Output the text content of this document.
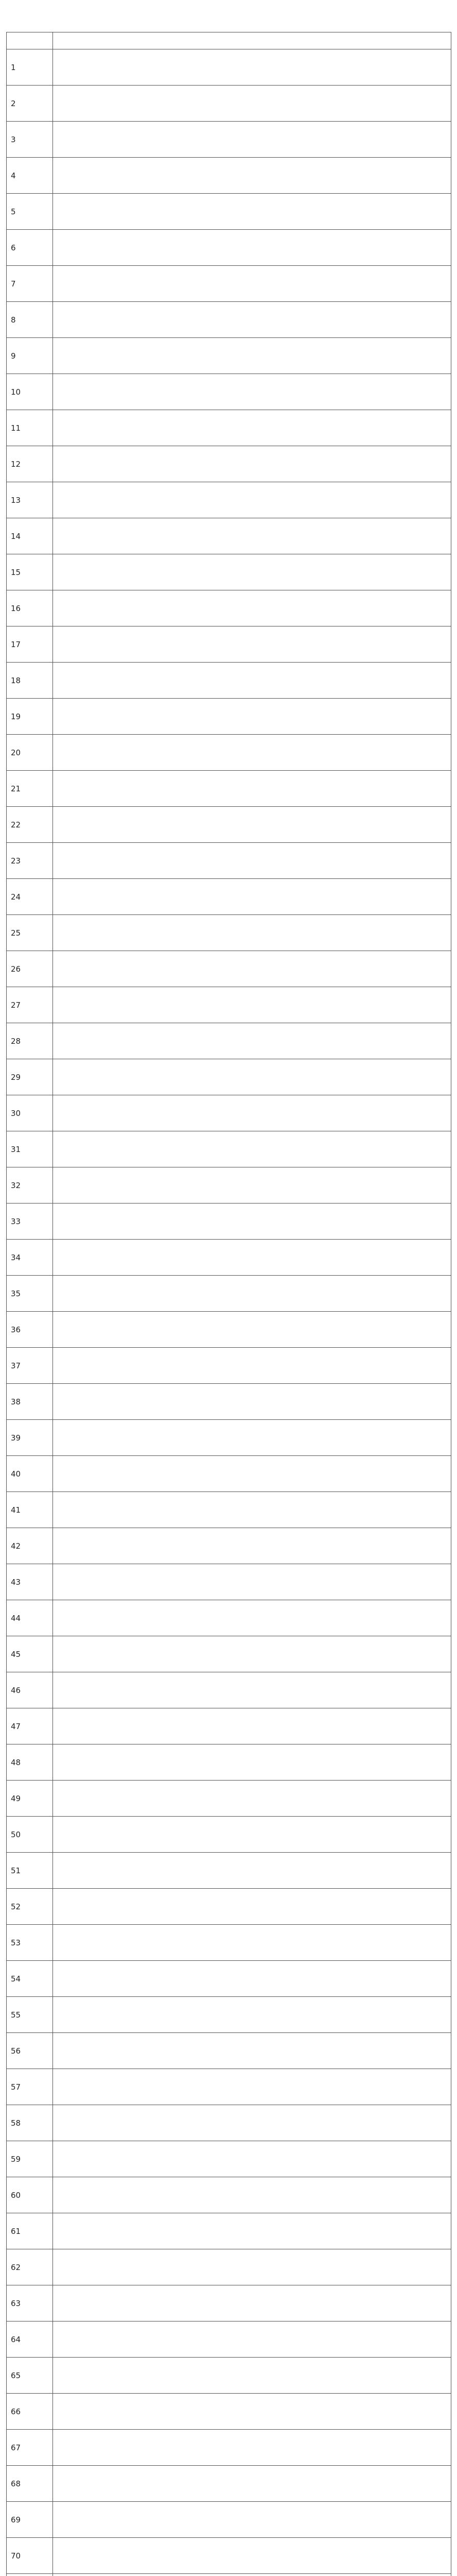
1	
2	
3	
4	
5	
6	
7	
8	
9	
10	
11	
12	
13	
14	
15	
16	
17	
18	
19	
20	
21	
22	
23	
24	
25	
26	
27	
28	
29	
30	
31	
32	
33	
34	
35	
36	
37	
38	
39	
40	
41	
42	
43	
44	
45	
46	
47	
48	
49	
50	
51	
52	
53	
54	
55	
56	
57	
58	
59	
60	
61	
62	
63	
64	
65	
66	
67	
68	
69	
70	
